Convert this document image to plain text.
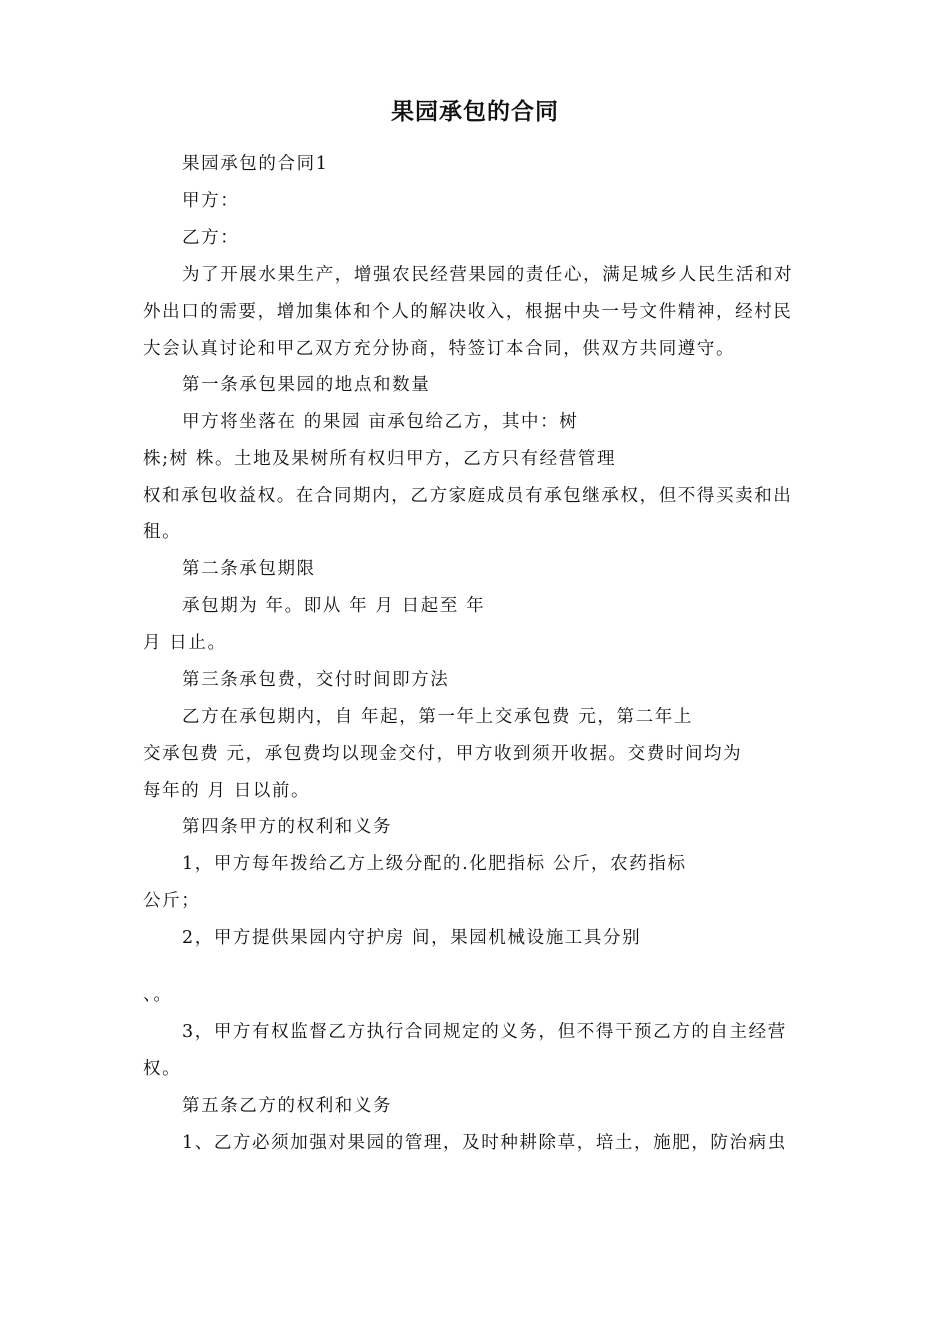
果园承包的合同
果园承包的合同1
甲方：
乙方：
为了开展水果生产，增强农民经营果园的责任心，满足城乡人民生活和对
外出口的需要，增加集体和个人的解决收入，根据中央一号文件精神，经村民
大会认真讨论和甲乙双方充分协商，特签订本合同，供双方共同遵守。
第一条承包果园的地点和数量
甲方将坐落在 的果园 亩承包给乙方，其中：树
株;树 株。土地及果树所有权归甲方，乙方只有经营管理
权和承包收益权。在合同期内，乙方家庭成员有承包继承权，但不得买卖和出
租。
第二条承包期限
承包期为 年。即从 年 月 日起至 年
月 日止。
第三条承包费，交付时间即方法
乙方在承包期内，自 年起，第一年上交承包费 元，第二年上
交承包费 元，承包费均以现金交付，甲方收到须开收据。交费时间均为
每年的 月 日以前。
第四条甲方的权利和义务
1，甲方每年拨给乙方上级分配的.化肥指标 公斤，农药指标
公斤；
2，甲方提供果园内守护房 间，果园机械设施工具分别
、。
3，甲方有权监督乙方执行合同规定的义务，但不得干预乙方的自主经营
权。
第五条乙方的权利和义务
1、乙方必须加强对果园的管理，及时种耕除草，培土，施肥，防治病虫
